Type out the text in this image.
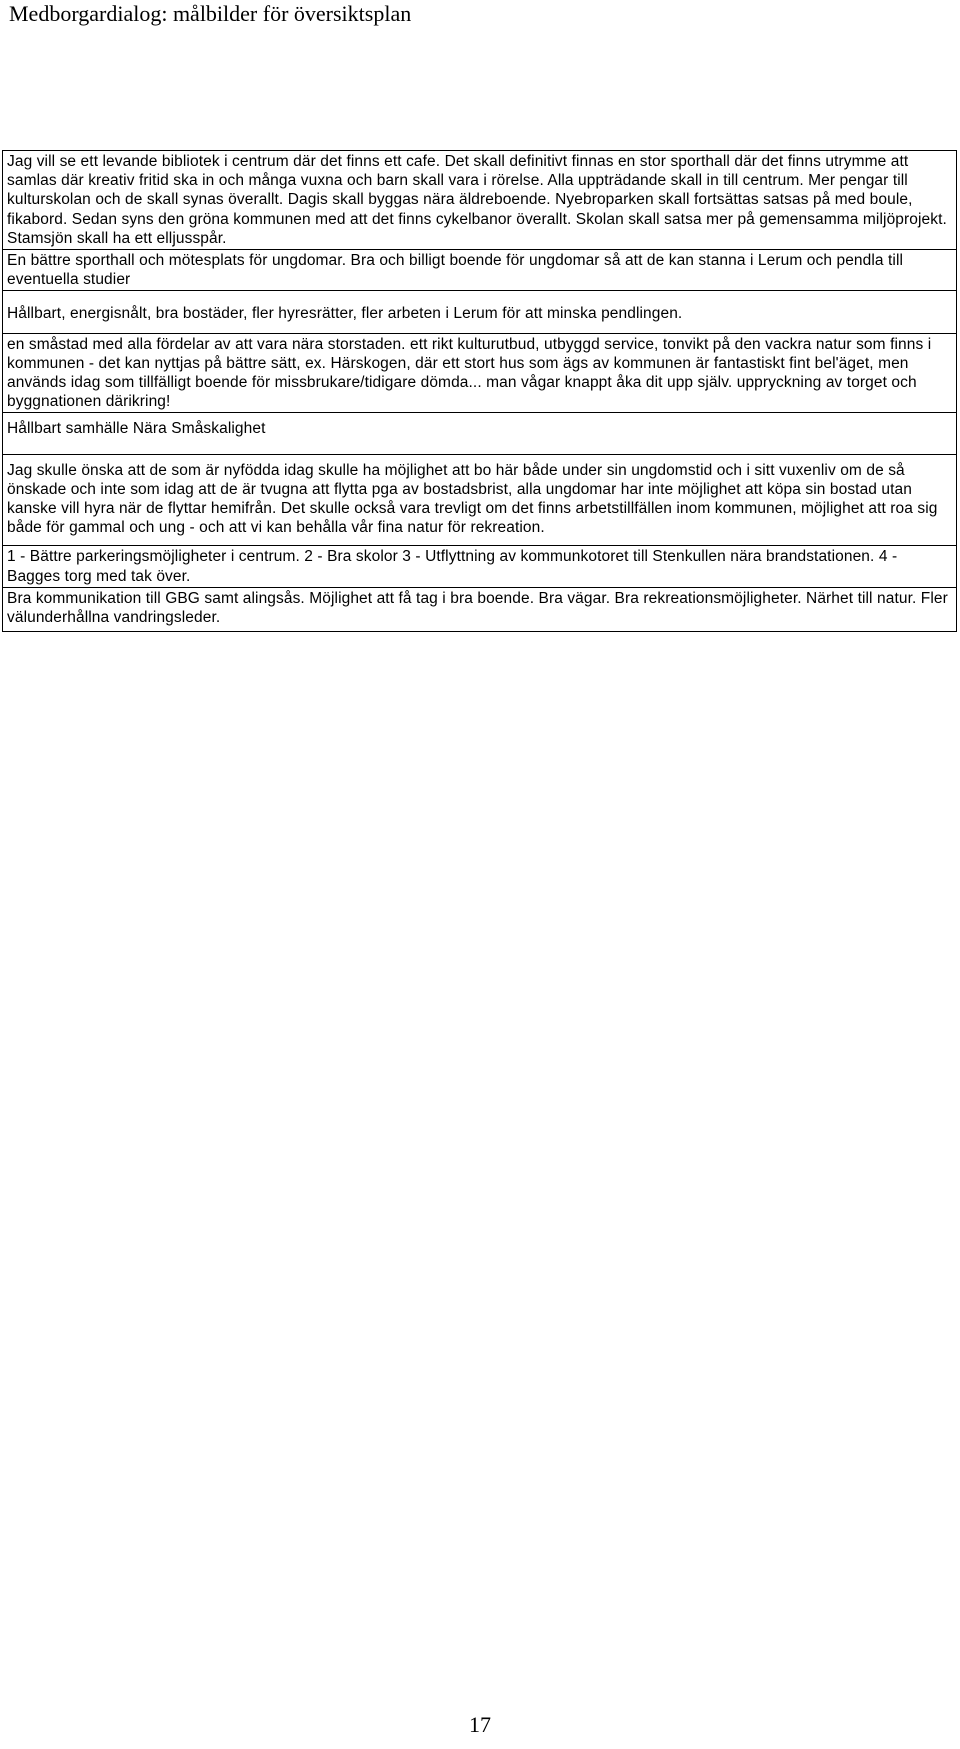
Medborgardialog: målbilder för översiktsplan
Jag vill se ett levande bibliotek i centrum där det finns ett cafe. Det skall definitivt finnas en stor sporthall där det finns utrymme att samlas där kreativ fritid ska in och många vuxna och barn skall vara i rörelse. Alla uppträdande skall in till centrum. Mer pengar till kulturskolan och de skall synas överallt. Dagis skall byggas nära äldreboende. Nyebroparken skall fortsättas satsas på med boule, fikabord. Sedan syns den gröna kommunen med att det finns cykelbanor överallt. Skolan skall satsa mer på gemensamma miljöprojekt. Stamsjön skall ha ett elljusspår.
En bättre sporthall och mötesplats för ungdomar. Bra och billigt boende för ungdomar så att de kan stanna i Lerum och pendla till eventuella studier
Hållbart, energisnålt, bra bostäder, fler hyresrätter, fler arbeten i Lerum för att minska pendlingen.
en småstad med alla fördelar av att vara nära storstaden. ett rikt kulturutbud, utbyggd service, tonvikt på den vackra natur som finns i kommunen - det kan nyttjas på bättre sätt, ex. Härskogen, där ett stort hus som ägs av kommunen är fantastiskt fint bel'äget, men används idag som tillfälligt boende för missbrukare/tidigare dömda... man vågar knappt åka dit upp själv. uppryckning av torget och byggnationen därikring!
Hållbart samhälle Nära Småskalighet
Jag skulle önska att de som är nyfödda idag skulle ha möjlighet att bo här både under sin ungdomstid och i sitt vuxenliv om de så önskade och inte som idag att de är tvugna att flytta pga av bostadsbrist, alla ungdomar har inte möjlighet att köpa sin bostad utan kanske vill hyra när de flyttar hemifrån. Det skulle också vara trevligt om det finns arbetstillfällen inom kommunen, möjlighet att roa sig både för gammal och ung - och att vi kan behålla vår fina natur för rekreation.
1 - Bättre parkeringsmöjligheter i centrum. 2 - Bra skolor 3 - Utflyttning av kommunkotoret till Stenkullen nära brandstationen. 4 - Bagges torg med tak över.
Bra kommunikation till GBG samt alingsås. Möjlighet att få tag i bra boende. Bra vägar. Bra rekreationsmöjligheter. Närhet till natur. Fler välunderhållna vandringsleder.
17
